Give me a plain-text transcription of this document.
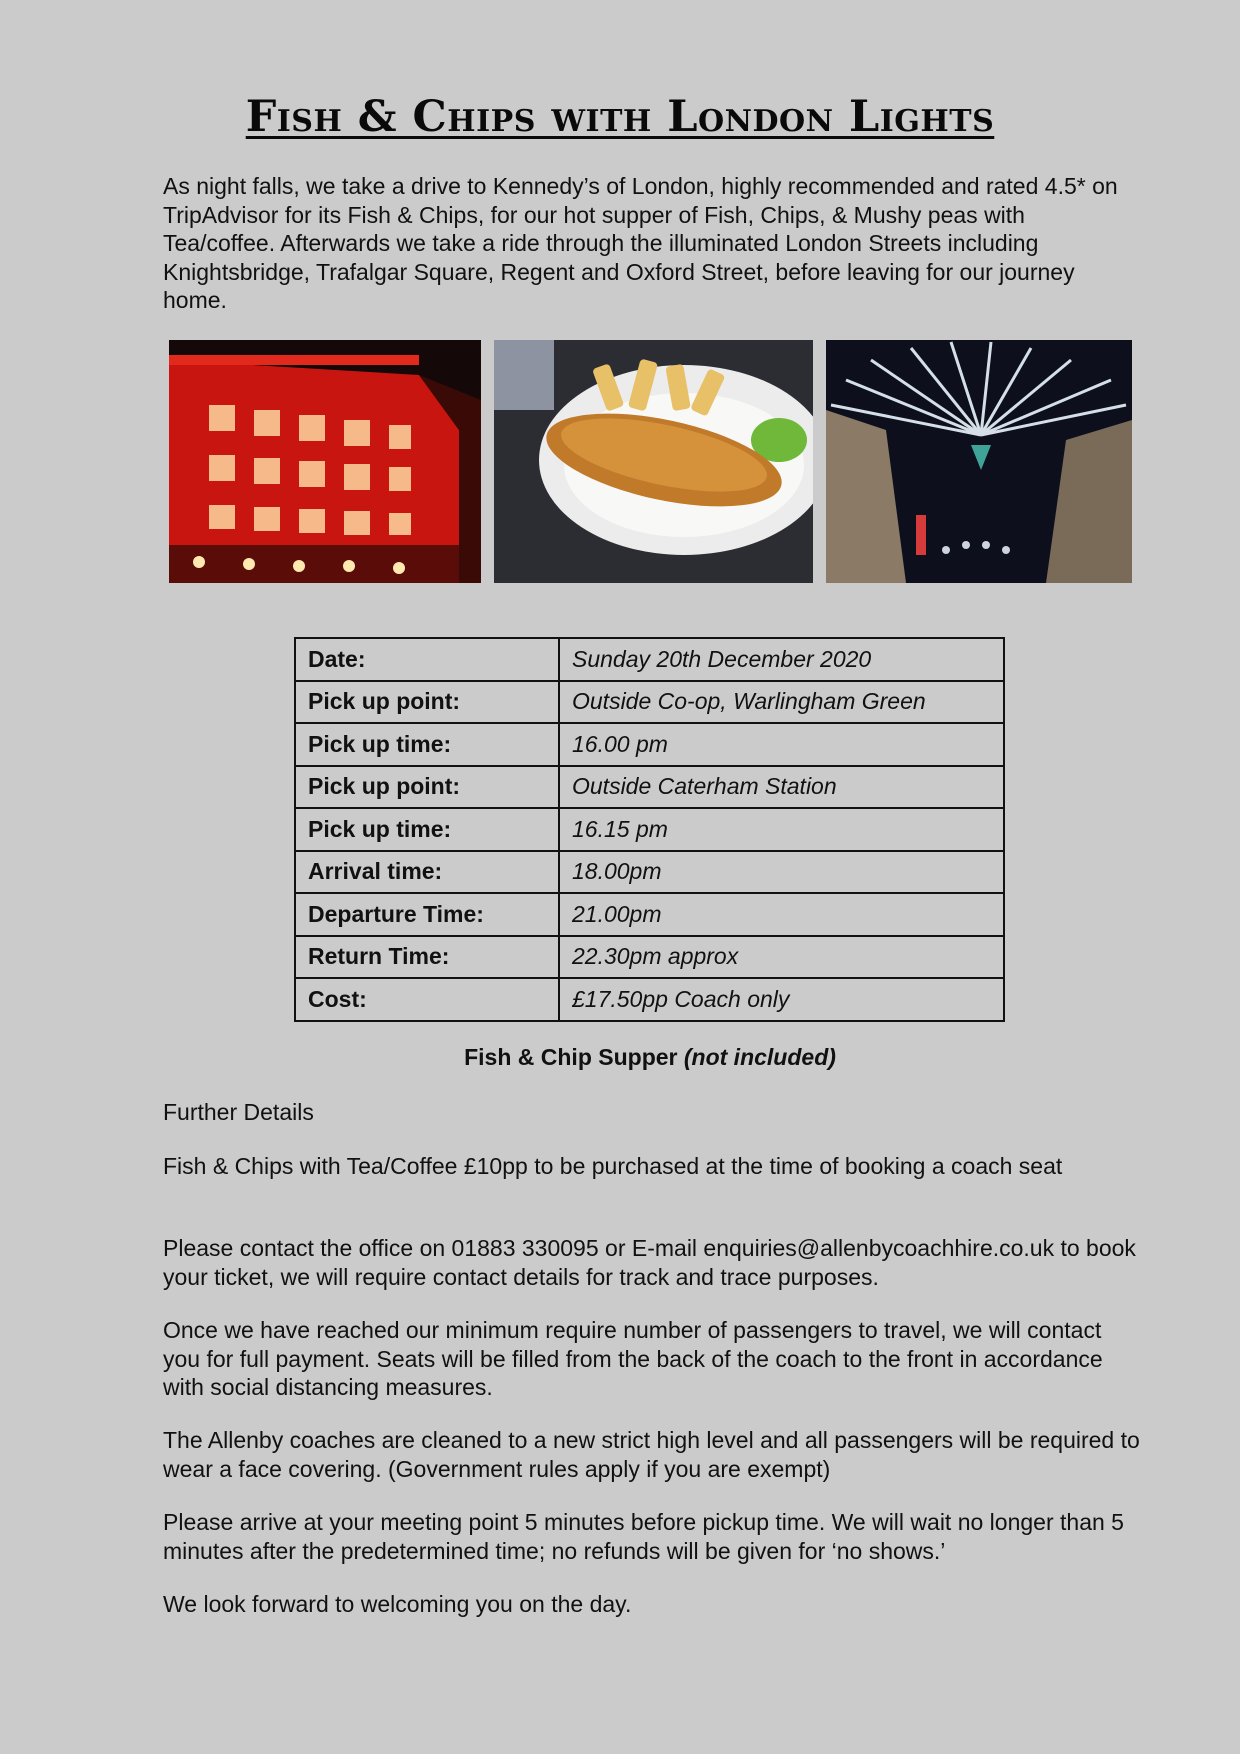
Fish & Chips with London Lights

As night falls, we take a drive to Kennedy’s of London, highly recommended and rated 4.5* on TripAdvisor for its Fish & Chips, for our hot supper of Fish, Chips, & Mushy peas with Tea/coffee. Afterwards we take a ride through the illuminated London Streets including Knightsbridge, Trafalgar Square, Regent and Oxford Street, before leaving for our journey home.

Date:	Sunday 20th December 2020
Pick up point:	Outside Co-op, Warlingham Green
Pick up time:	16.00 pm
Pick up point:	Outside Caterham Station
Pick up time:	16.15 pm
Arrival time:	18.00pm
Departure Time:	21.00pm
Return Time:	22.30pm approx
Cost:	£17.50pp Coach only

Fish & Chip Supper (not included)

Further Details

Fish & Chips with Tea/Coffee £10pp to be purchased at the time of booking a coach seat

Please contact the office on 01883 330095 or E-mail enquiries@allenbycoachhire.co.uk to book your ticket, we will require contact details for track and trace purposes.

Once we have reached our minimum require number of passengers to travel, we will contact you for full payment. Seats will be filled from the back of the coach to the front in accordance with social distancing measures.

The Allenby coaches are cleaned to a new strict high level and all passengers will be required to wear a face covering. (Government rules apply if you are exempt)

Please arrive at your meeting point 5 minutes before pickup time. We will wait no longer than 5 minutes after the predetermined time; no refunds will be given for ‘no shows.’

We look forward to welcoming you on the day.
